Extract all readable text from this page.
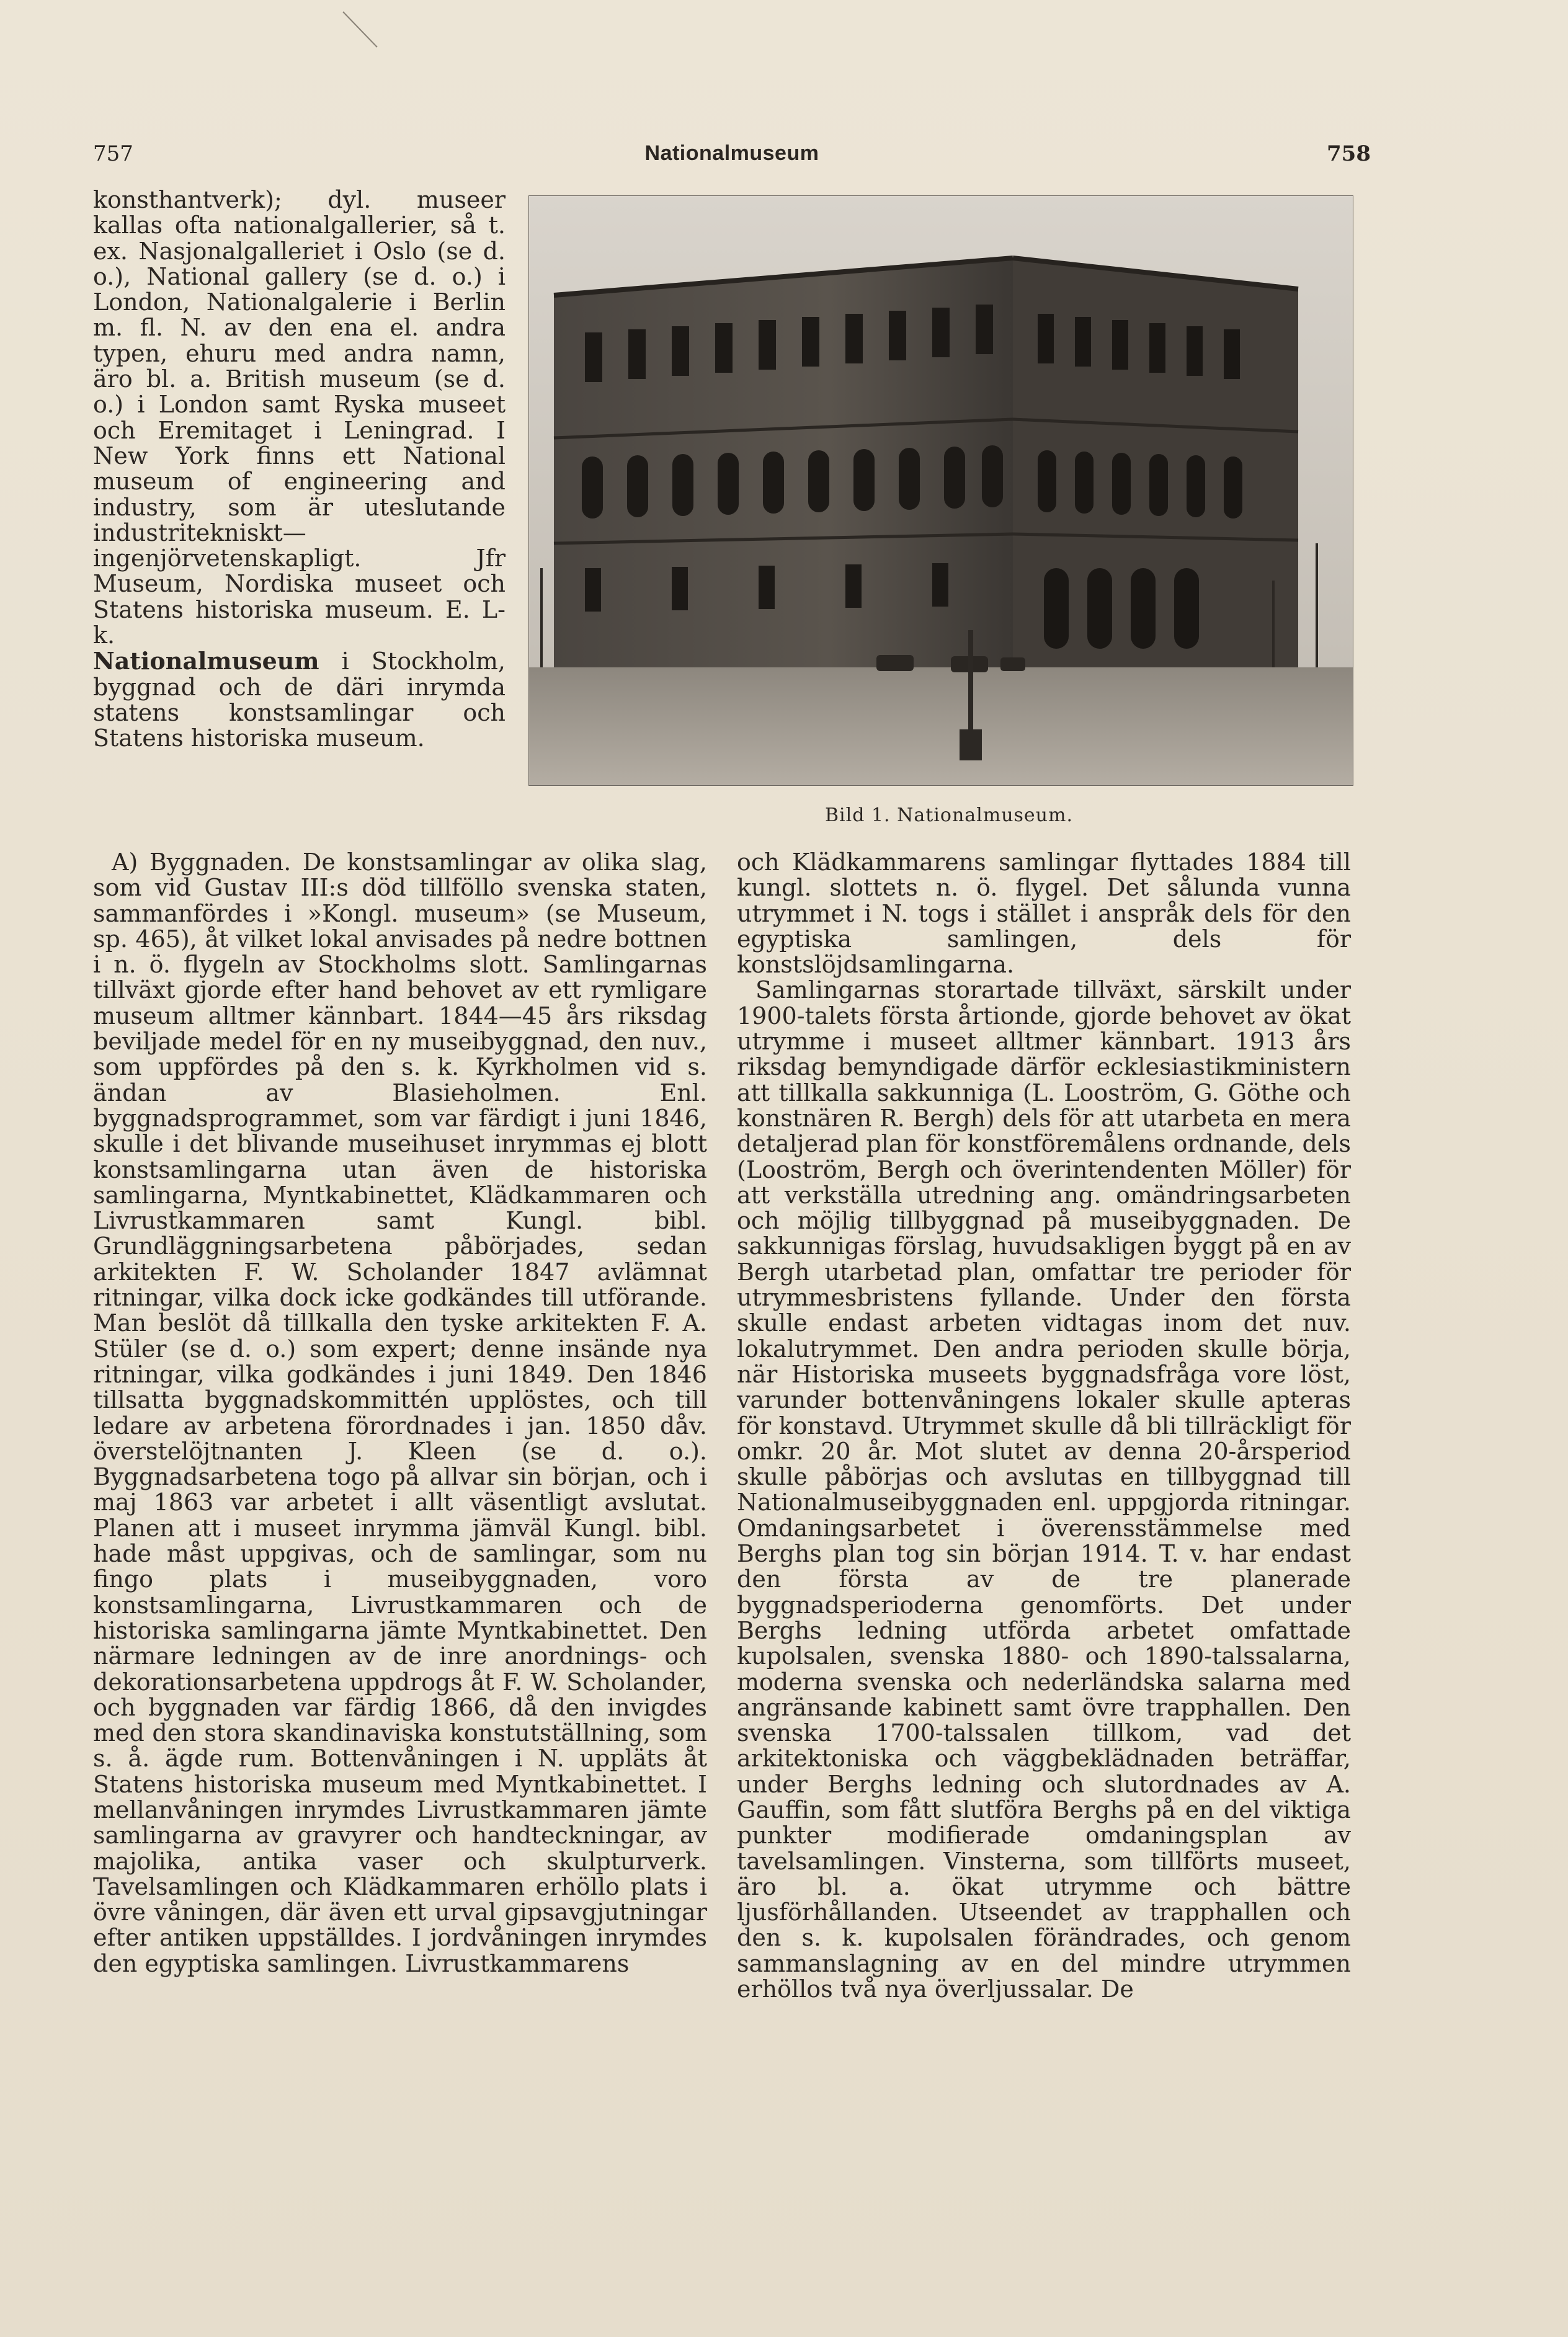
757	Nationalmuseum	758

konsthantverk); dyl. museer kallas ofta nationalgallerier, så t. ex. Nasjonalgalleriet i Oslo (se d. o.), National gallery (se d. o.) i London, Nationalgalerie i Berlin m. fl. N. av den ena el. andra typen, ehuru med andra namn, äro bl. a. British museum (se d. o.) i London samt Ryska museet och Eremitaget i Leningrad. I New York finns ett National museum of engineering and industry, som är uteslutande industritekniskt—ingenjörvetenskapligt. Jfr Museum, Nordiska museet och Statens historiska museum. E. L-k.

Nationalmuseum i Stockholm, byggnad och de däri inrymda statens konstsamlingar och Statens historiska museum.

A) Byggnaden. De konstsamlingar av olika slag, som vid Gustav III:s död tillföllo svenska staten, sammanfördes i »Kongl. museum» (se Museum, sp. 465), åt vilket lokal anvisades på nedre bottnen i n. ö. flygeln av Stockholms slott. Samlingarnas tillväxt gjorde efter hand behovet av ett rymligare museum alltmer kännbart. 1844—45 års riksdag beviljade medel för en ny museibyggnad, den nuv., som uppfördes på den s. k. Kyrkholmen vid s. ändan av Blasieholmen. Enl. byggnadsprogrammet, som var färdigt i juni 1846, skulle i det blivande museihuset inrymmas ej blott konstsamlingarna utan även de historiska samlingarna, Myntkabinettet, Klädkammaren och Livrustkammaren samt Kungl. bibl. Grundläggningsarbetena påbörjades, sedan arkitekten F. W. Scholander 1847 avlämnat ritningar, vilka dock icke godkändes till utförande. Man beslöt då tillkalla den tyske arkitekten F. A. Stüler (se d. o.) som expert; denne insände nya ritningar, vilka godkändes i juni 1849. Den 1846 tillsatta byggnadskommittén upplöstes, och till ledare av arbetena förordnades i jan. 1850 dåv. överstelöjtnanten J. Kleen (se d. o.). Byggnadsarbetena togo på allvar sin början, och i maj 1863 var arbetet i allt väsentligt avslutat. Planen att i museet inrymma jämväl Kungl. bibl. hade måst uppgivas, och de samlingar, som nu fingo plats i museibyggnaden, voro konstsamlingarna, Livrustkammaren och de historiska samlingarna jämte Myntkabinettet. Den närmare ledningen av de inre anordnings- och dekorationsarbetena uppdrogs åt F. W. Scholander, och byggnaden var färdig 1866, då den invigdes med den stora skandinaviska konstutställning, som s. å. ägde rum. Bottenvåningen i N. uppläts åt Statens historiska museum med Myntkabinettet. I mellanvåningen inrymdes Livrustkammaren jämte samlingarna av gravyrer och handteckningar, av majolika, antika vaser och skulpturverk. Tavelsamlingen och Klädkammaren erhöllo plats i övre våningen, där även ett urval gipsavgjutningar efter antiken uppställdes. I jordvåningen inrymdes den egyptiska samlingen. Livrustkammarens

och Klädkammarens samlingar flyttades 1884 till kungl. slottets n. ö. flygel. Det sålunda vunna utrymmet i N. togs i stället i anspråk dels för den egyptiska samlingen, dels för konstslöjdsamlingarna.

Samlingarnas storartade tillväxt, särskilt under 1900-talets första årtionde, gjorde behovet av ökat utrymme i museet alltmer kännbart. 1913 års riksdag bemyndigade därför ecklesiastikministern att tillkalla sakkunniga (L. Looström, G. Göthe och konstnären R. Bergh) dels för att utarbeta en mera detaljerad plan för konstföremålens ordnande, dels (Looström, Bergh och överintendenten Möller) för att verkställa utredning ang. omändringsarbeten och möjlig tillbyggnad på museibyggnaden. De sakkunnigas förslag, huvudsakligen byggt på en av Bergh utarbetad plan, omfattar tre perioder för utrymmesbristens fyllande. Under den första skulle endast arbeten vidtagas inom det nuv. lokalutrymmet. Den andra perioden skulle börja, när Historiska museets byggnadsfråga vore löst, varunder bottenvåningens lokaler skulle apteras för konstavd. Utrymmet skulle då bli tillräckligt för omkr. 20 år. Mot slutet av denna 20-årsperiod skulle påbörjas och avslutas en tillbyggnad till Nationalmuseibyggnaden enl. uppgjorda ritningar. Omdaningsarbetet i överensstämmelse med Berghs plan tog sin början 1914. T. v. har endast den första av de tre planerade byggnadsperioderna genomförts. Det under Berghs ledning utförda arbetet omfattade kupolsalen, svenska 1880- och 1890-talssalarna, moderna svenska och nederländska salarna med angränsande kabinett samt övre trapphallen. Den svenska 1700-talssalen tillkom, vad det arkitektoniska och väggbeklädnaden beträffar, under Berghs ledning och slutordnades av A. Gauffin, som fått slutföra Berghs på en del viktiga punkter modifierade omdaningsplan av tavelsamlingen. Vinsterna, som tillförts museet, äro bl. a. ökat utrymme och bättre ljusförhållanden. Utseendet av trapphallen och den s. k. kupolsalen förändrades, och genom sammanslagning av en del mindre utrymmen erhöllos två nya överljussalar. De

Bild 1. Nationalmuseum.
